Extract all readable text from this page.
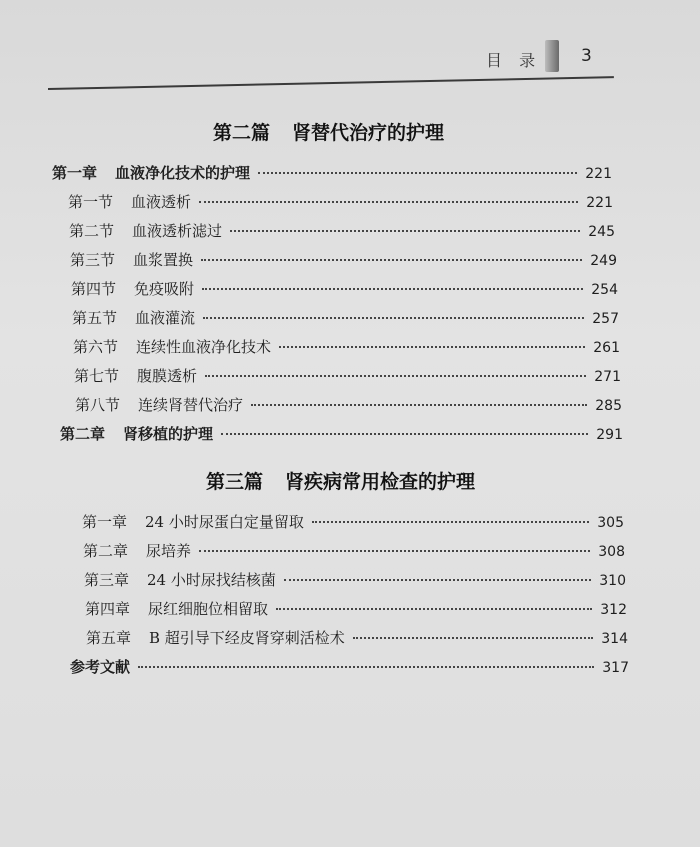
目 录 3
第二篇 肾替代治疗的护理
第一章 血液净化技术的护理	221
第一节 血液透析	221
第二节 血液透析滤过	245
第三节 血浆置换	249
第四节 免疫吸附	254
第五节 血液灌流	257
第六节 连续性血液净化技术	261
第七节 腹膜透析	271
第八节 连续肾替代治疗	285
第二章 肾移植的护理	291
第三篇 肾疾病常用检查的护理
第一章 24 小时尿蛋白定量留取	305
第二章 尿培养	308
第三章 24 小时尿找结核菌	310
第四章 尿红细胞位相留取	312
第五章 B 超引导下经皮肾穿刺活检术	314
参考文献	317
